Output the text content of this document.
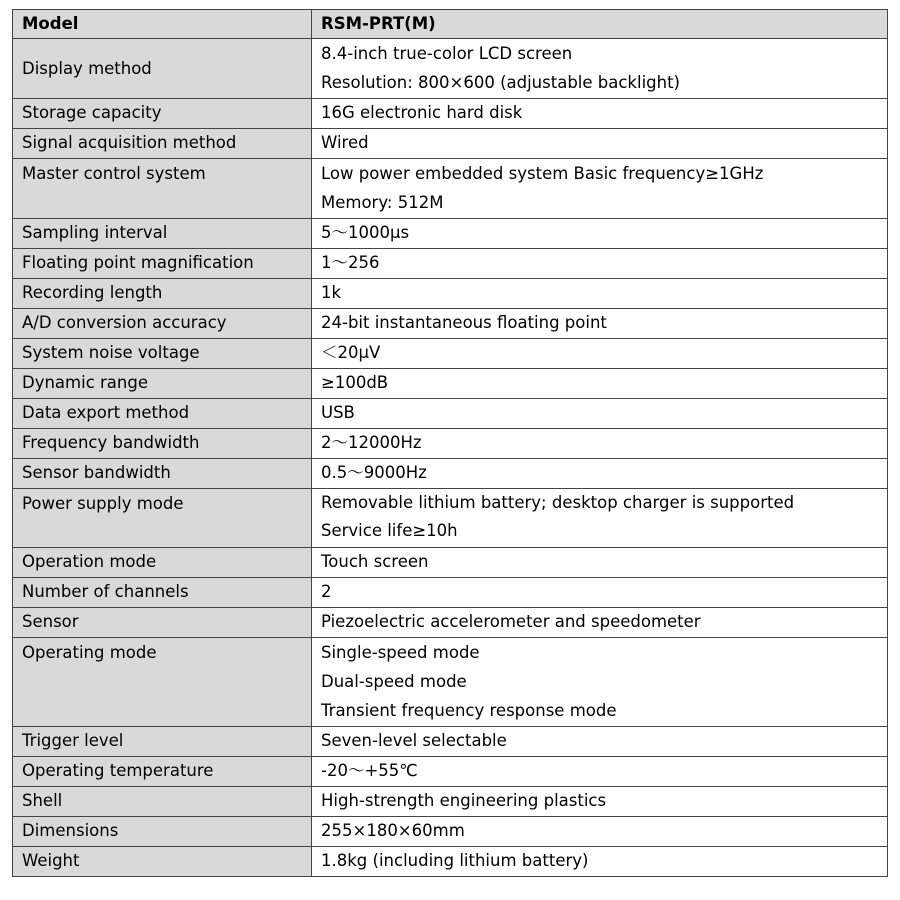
Model	RSM-PRT(M)
Display method	8.4-inch true-color LCD screen
Resolution: 800×600 (adjustable backlight)

Storage capacity	16G electronic hard disk

Signal acquisition method	Wired

Master control system	Low power embedded system Basic frequency≥1GHz
Memory: 512M

Sampling interval	5～1000μs

Floating point magnification	1～256

Recording length	1k

A/D conversion accuracy	24-bit instantaneous floating point

System noise voltage	＜20μV

Dynamic range	≥100dB

Data export method	USB

Frequency bandwidth	2～12000Hz

Sensor bandwidth	0.5～9000Hz

Power supply mode	Removable lithium battery; desktop charger is supported
Service life≥10h

Operation mode	Touch screen

Number of channels	2

Sensor	Piezoelectric accelerometer and speedometer

Operating mode	Single-speed mode
Dual-speed mode
Transient frequency response mode

Trigger level	Seven-level selectable

Operating temperature	-20～+55℃

Shell	High-strength engineering plastics

Dimensions	255×180×60mm

Weight	1.8kg (including lithium battery)
